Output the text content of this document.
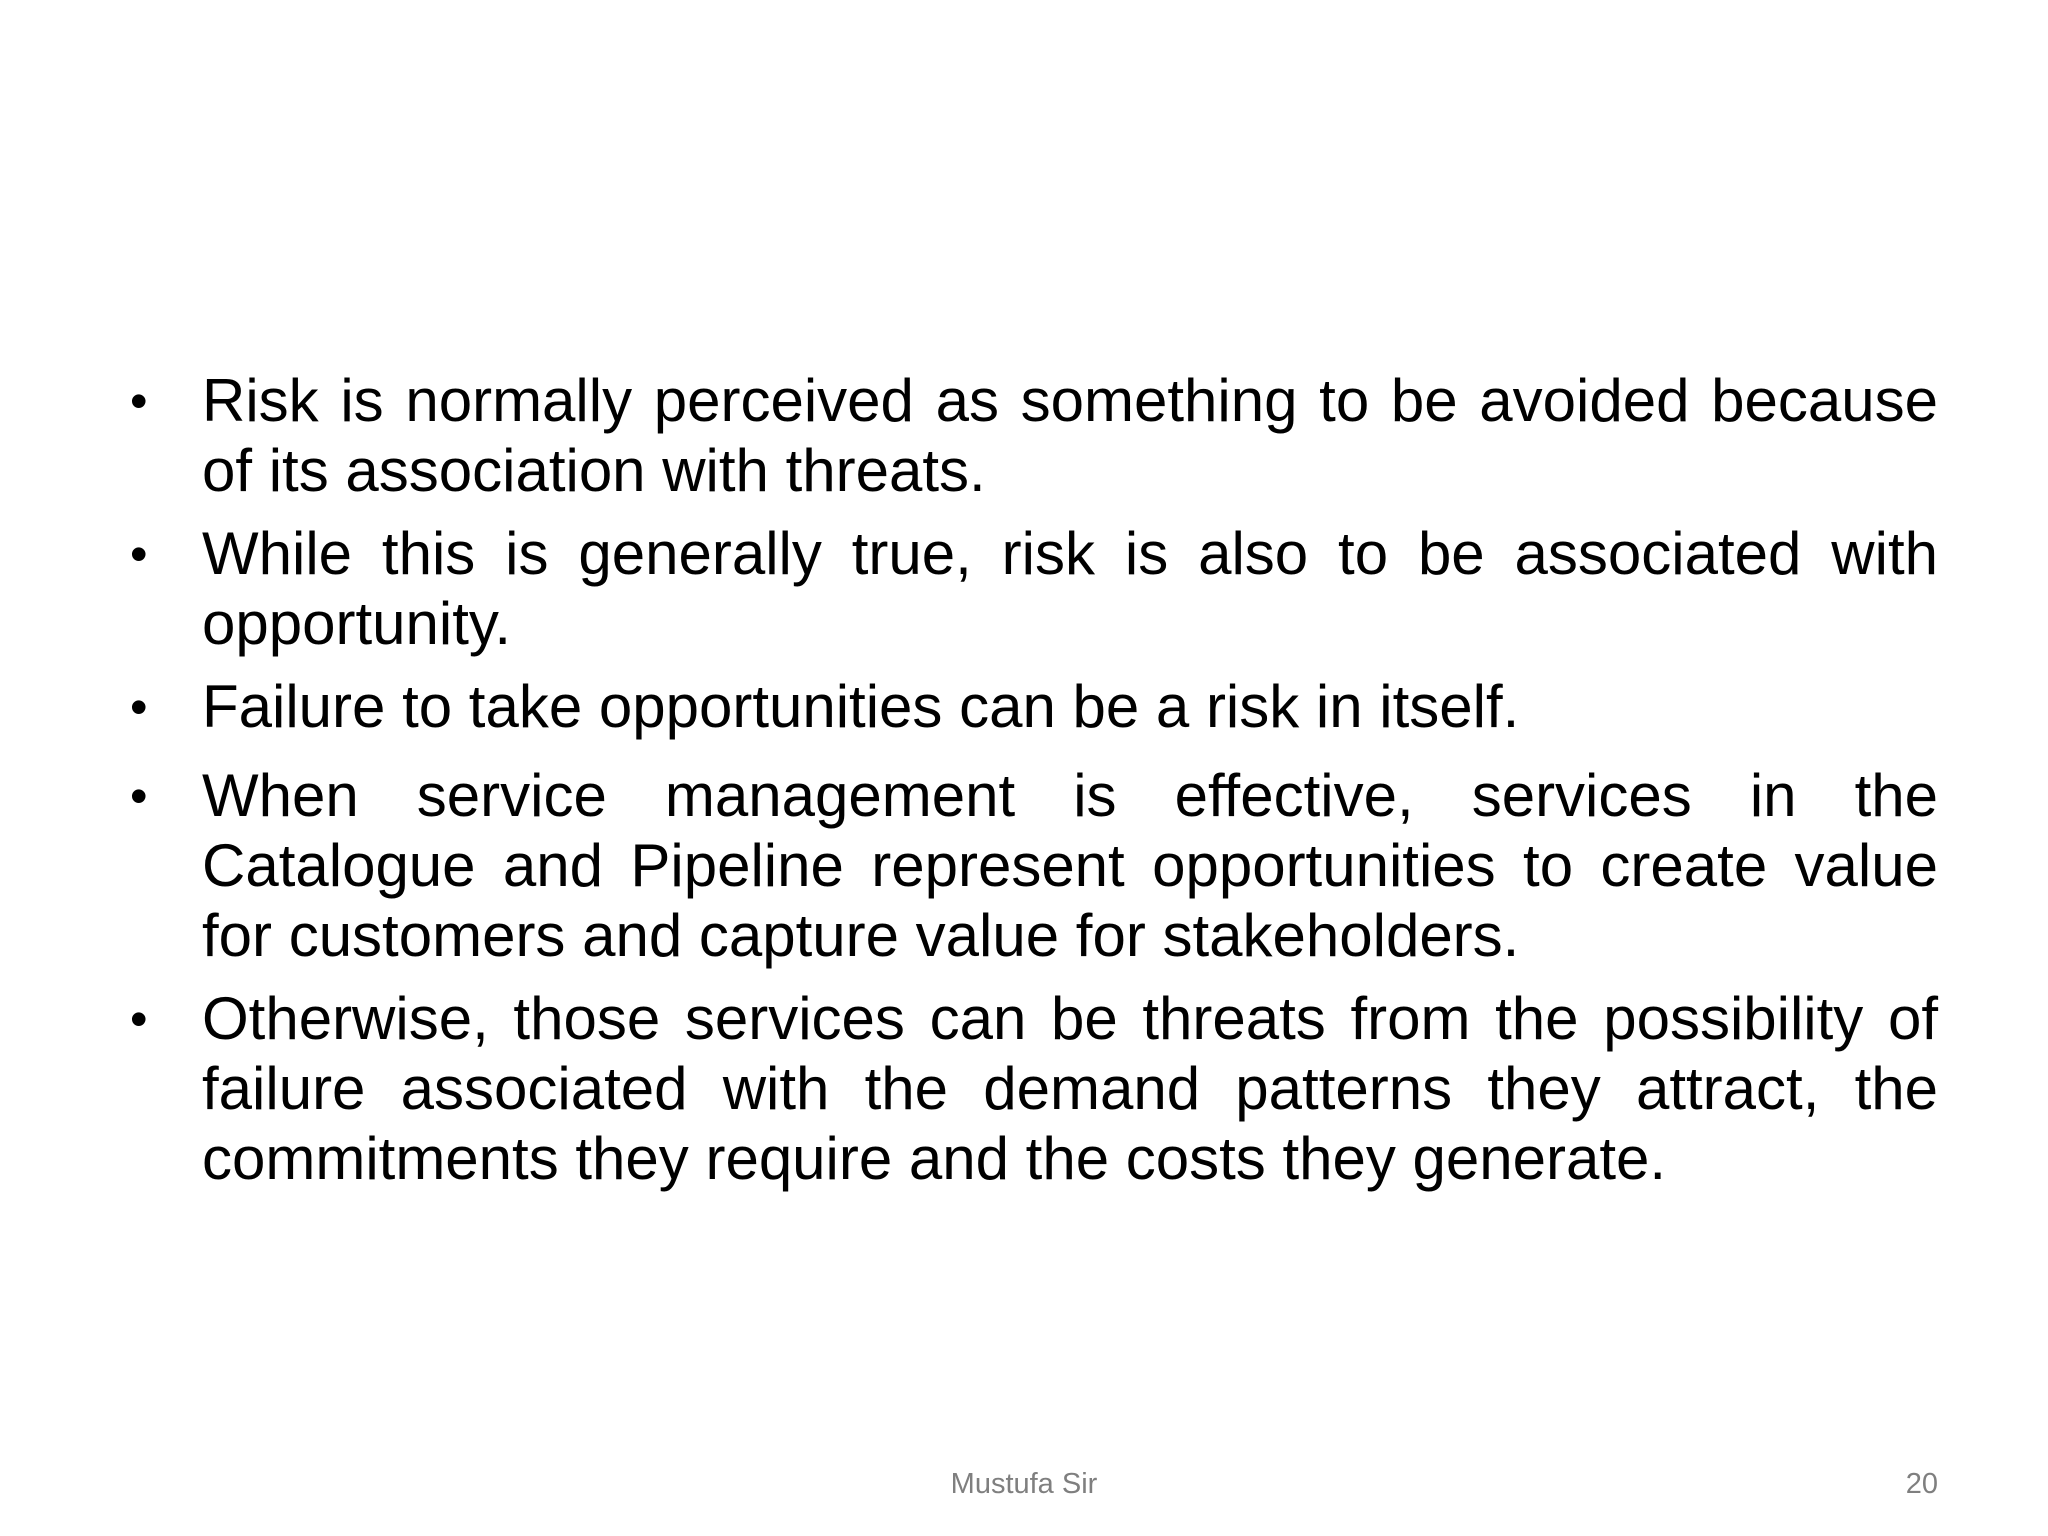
• Risk is normally perceived as something to be avoided because of its association with threats.
• While this is generally true, risk is also to be associated with opportunity.
• Failure to take opportunities can be a risk in itself.
• When service management is effective, services in the Catalogue and Pipeline represent opportunities to create value for customers and capture value for stakeholders.
• Otherwise, those services can be threats from the possibility of failure associated with the demand patterns they attract, the commitments they require and the costs they generate.
Mustufa Sir	20
